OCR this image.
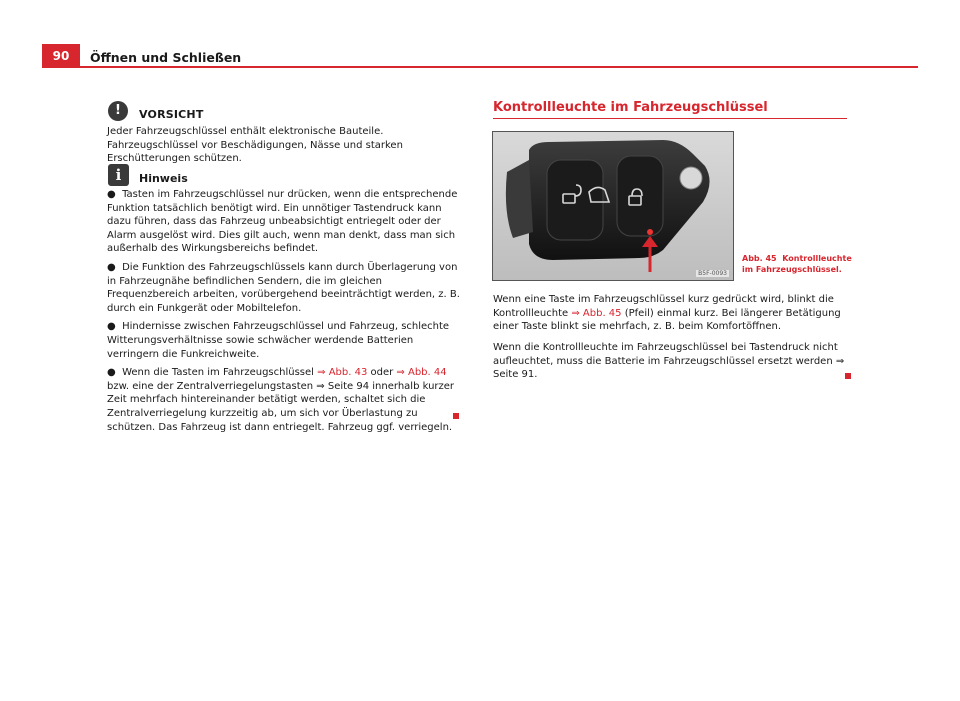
90	Öffnen und Schließen
!	VORSICHT
Jeder Fahrzeugschlüssel enthält elektronische Bauteile. Fahrzeugschlüssel vor Beschädigungen, Nässe und starken Erschütterungen schützen.
i	Hinweis

● Tasten im Fahrzeugschlüssel nur drücken, wenn die entsprechende Funktion tatsächlich benötigt wird. Ein unnötiger Tastendruck kann dazu führen, dass das Fahrzeug unbeabsichtigt entriegelt oder der Alarm ausgelöst wird. Dies gilt auch, wenn man denkt, dass man sich außerhalb des Wirkungsbereichs befindet.

● Die Funktion des Fahrzeugschlüssels kann durch Überlagerung von in Fahrzeugnähe befindlichen Sendern, die im gleichen Frequenzbereich arbeiten, vorübergehend beeinträchtigt werden, z. B. durch ein Funkgerät oder Mobiltelefon.

● Hindernisse zwischen Fahrzeugschlüssel und Fahrzeug, schlechte Witterungsverhältnisse sowie schwächer werdende Batterien verringern die Funkreichweite.

● Wenn die Tasten im Fahrzeugschlüssel ⇒ Abb. 43 oder ⇒ Abb. 44 bzw. eine der Zentralverriegelungstasten ⇒ Seite 94 innerhalb kurzer Zeit mehrfach hintereinander betätigt werden, schaltet sich die Zentralverriegelung kurzzeitig ab, um sich vor Überlastung zu schützen. Das Fahrzeug ist dann entriegelt. Fahrzeug ggf. verriegeln.

Kontrollleuchte im Fahrzeugschlüssel
B5F-0093
Abb. 45 Kontrollleuchte im Fahrzeugschlüssel.
Wenn eine Taste im Fahrzeugschlüssel kurz gedrückt wird, blinkt die Kontrollleuchte ⇒ Abb. 45 (Pfeil) einmal kurz. Bei längerer Betätigung einer Taste blinkt sie mehrfach, z. B. beim Komfortöffnen.
Wenn die Kontrollleuchte im Fahrzeugschlüssel bei Tastendruck nicht aufleuchtet, muss die Batterie im Fahrzeugschlüssel ersetzt werden ⇒ Seite 91.
